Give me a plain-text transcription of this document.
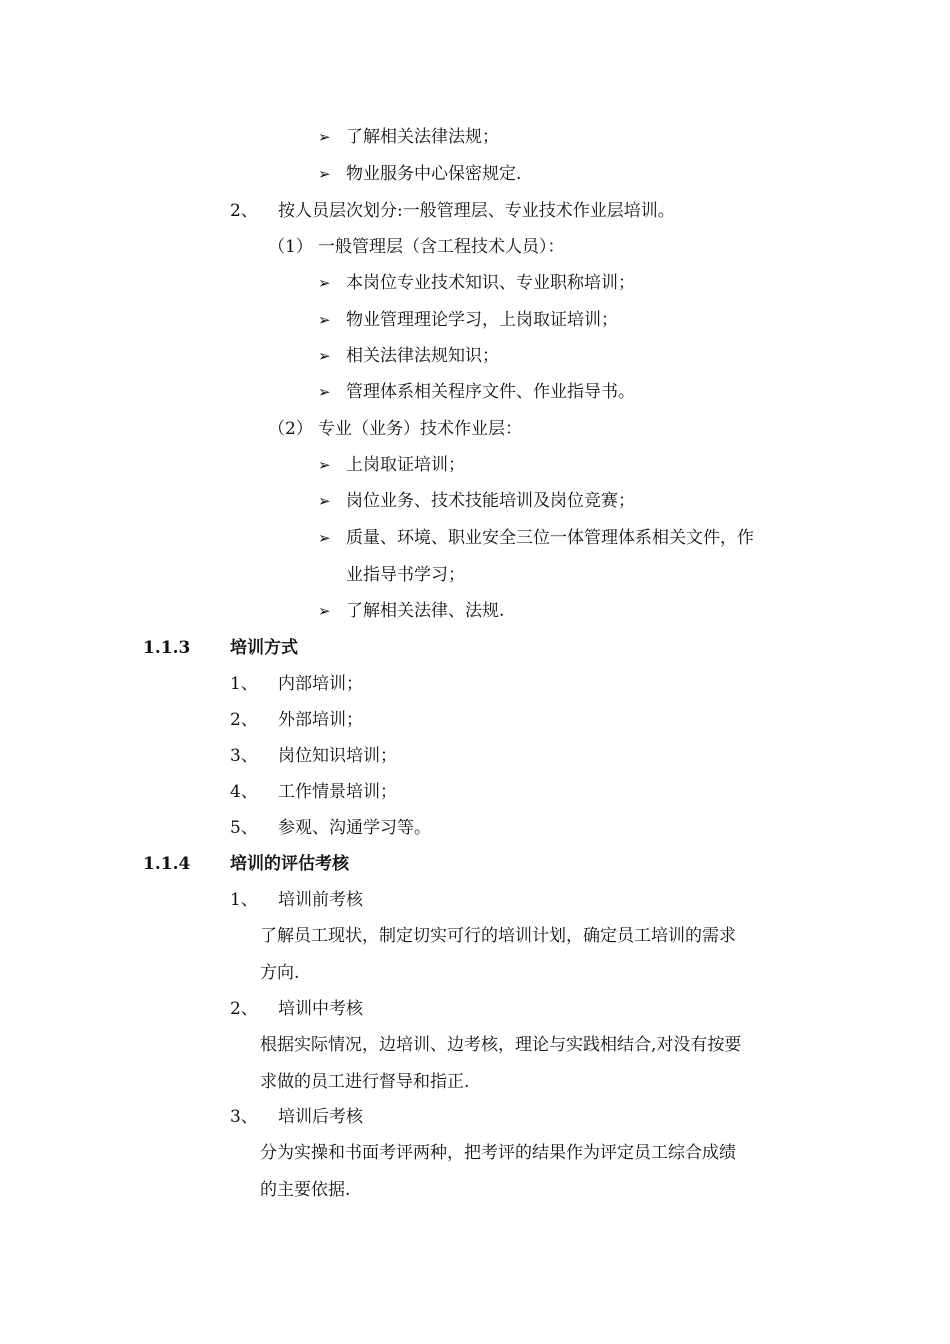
➢ 了解相关法律法规；
➢ 物业服务中心保密规定.
2、 按人员层次划分:一般管理层、专业技术作业层培训。
（1） 一般管理层（含工程技术人员）：
➢ 本岗位专业技术知识、专业职称培训；
➢ 物业管理理论学习，上岗取证培训；
➢ 相关法律法规知识；
➢ 管理体系相关程序文件、作业指导书。
（2） 专业（业务）技术作业层：
➢ 上岗取证培训；
➢ 岗位业务、技术技能培训及岗位竞赛；
➢ 质量、环境、职业安全三位一体管理体系相关文件，作
业指导书学习；
➢ 了解相关法律、法规.
1.1.3 培训方式
1、 内部培训；
2、 外部培训；
3、 岗位知识培训；
4、 工作情景培训；
5、 参观、沟通学习等。
1.1.4 培训的评估考核
1、 培训前考核
了解员工现状，制定切实可行的培训计划，确定员工培训的需求
方向.
2、 培训中考核
根据实际情况，边培训、边考核，理论与实践相结合,对没有按要
求做的员工进行督导和指正.
3、 培训后考核
分为实操和书面考评两种，把考评的结果作为评定员工综合成绩
的主要依据.
